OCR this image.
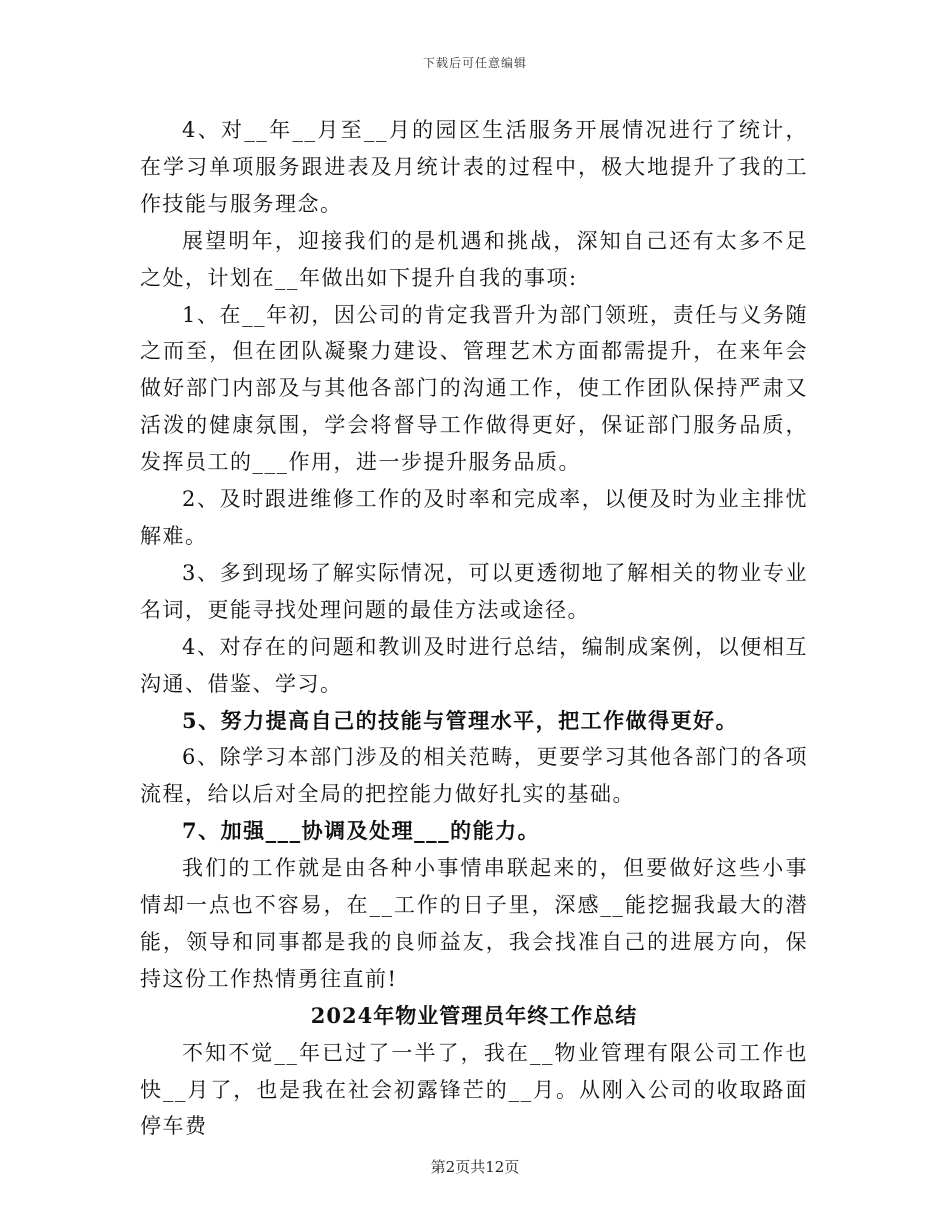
下载后可任意编辑

4、对__年__月至__月的园区生活服务开展情况进行了统计，在学习单项服务跟进表及月统计表的过程中，极大地提升了我的工作技能与服务理念。

展望明年，迎接我们的是机遇和挑战，深知自己还有太多不足之处，计划在__年做出如下提升自我的事项:

1、在__年初，因公司的肯定我晋升为部门领班，责任与义务随之而至，但在团队凝聚力建设、管理艺术方面都需提升，在来年会做好部门内部及与其他各部门的沟通工作，使工作团队保持严肃又活泼的健康氛围，学会将督导工作做得更好，保证部门服务品质，发挥员工的___作用，进一步提升服务品质。

2、及时跟进维修工作的及时率和完成率，以便及时为业主排忧解难。

3、多到现场了解实际情况，可以更透彻地了解相关的物业专业名词，更能寻找处理问题的最佳方法或途径。

4、对存在的问题和教训及时进行总结，编制成案例，以便相互沟通、借鉴、学习。

5、努力提高自己的技能与管理水平，把工作做得更好。

6、除学习本部门涉及的相关范畴，更要学习其他各部门的各项流程，给以后对全局的把控能力做好扎实的基础。

7、加强___协调及处理___的能力。

我们的工作就是由各种小事情串联起来的，但要做好这些小事情却一点也不容易，在__工作的日子里，深感__能挖掘我最大的潜能，领导和同事都是我的良师益友，我会找准自己的进展方向，保持这份工作热情勇往直前!

2024年物业管理员年终工作总结

不知不觉__年已过了一半了，我在__物业管理有限公司工作也快__月了，也是我在社会初露锋芒的__月。从刚入公司的收取路面停车费

第2页共12页
